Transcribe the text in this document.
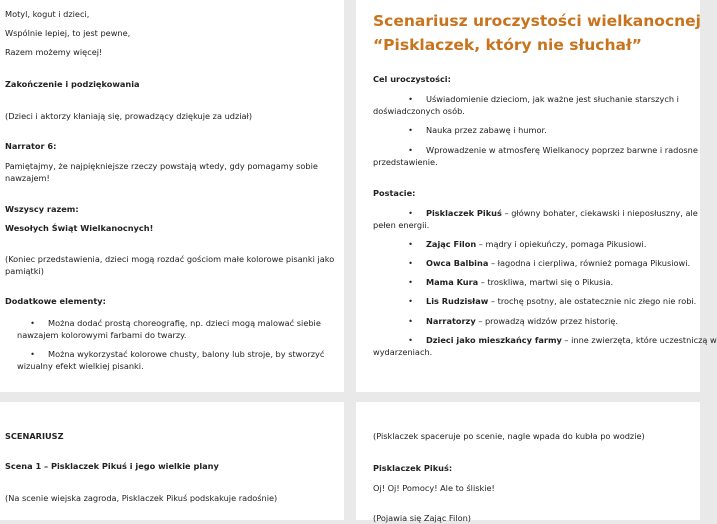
Motyl, kogut i dzieci,
Wspólnie lepiej, to jest pewne,
Razem możemy więcej!
Zakończenie i podziękowania
(Dzieci i aktorzy kłaniają się, prowadzący dziękuje za udział)
Narrator 6:
Pamiętajmy, że najpiękniejsze rzeczy powstają wtedy, gdy pomagamy sobie
nawzajem!
Wszyscy razem:
Wesołych Świąt Wielkanocnych!
(Koniec przedstawienia, dzieci mogą rozdać gościom małe kolorowe pisanki jako
pamiątki)
Dodatkowe elementy:
• Można dodać prostą choreografię, np. dzieci mogą malować siebie
nawzajem kolorowymi farbami do twarzy.
• Można wykorzystać kolorowe chusty, balony lub stroje, by stworzyć
wizualny efekt wielkiej pisanki.
Scenariusz uroczystości wielkanocnej
“Pisklaczek, który nie słuchał”
Cel uroczystości:
• Uświadomienie dzieciom, jak ważne jest słuchanie starszych i
doświadczonych osób.
• Nauka przez zabawę i humor.
• Wprowadzenie w atmosferę Wielkanocy poprzez barwne i radosne
przedstawienie.
Postacie:
• Pisklaczek Pikuś – główny bohater, ciekawski i nieposłuszny, ale
pełen energii.
• Zając Filon – mądry i opiekuńczy, pomaga Pikusiowi.
• Owca Balbina – łagodna i cierpliwa, również pomaga Pikusiowi.
• Mama Kura – troskliwa, martwi się o Pikusia.
• Lis Rudzisław – trochę psotny, ale ostatecznie nic złego nie robi.
• Narratorzy – prowadzą widzów przez historię.
• Dzieci jako mieszkańcy farmy – inne zwierzęta, które uczestniczą w
wydarzeniach.
SCENARIUSZ
Scena 1 – Pisklaczek Pikuś i jego wielkie plany
(Na scenie wiejska zagroda, Pisklaczek Pikuś podskakuje radośnie)
(Pisklaczek spaceruje po scenie, nagle wpada do kubła po wodzie)
Pisklaczek Pikuś:
Oj! Oj! Pomocy! Ale to śliskie!
(Pojawia się Zając Filon)
